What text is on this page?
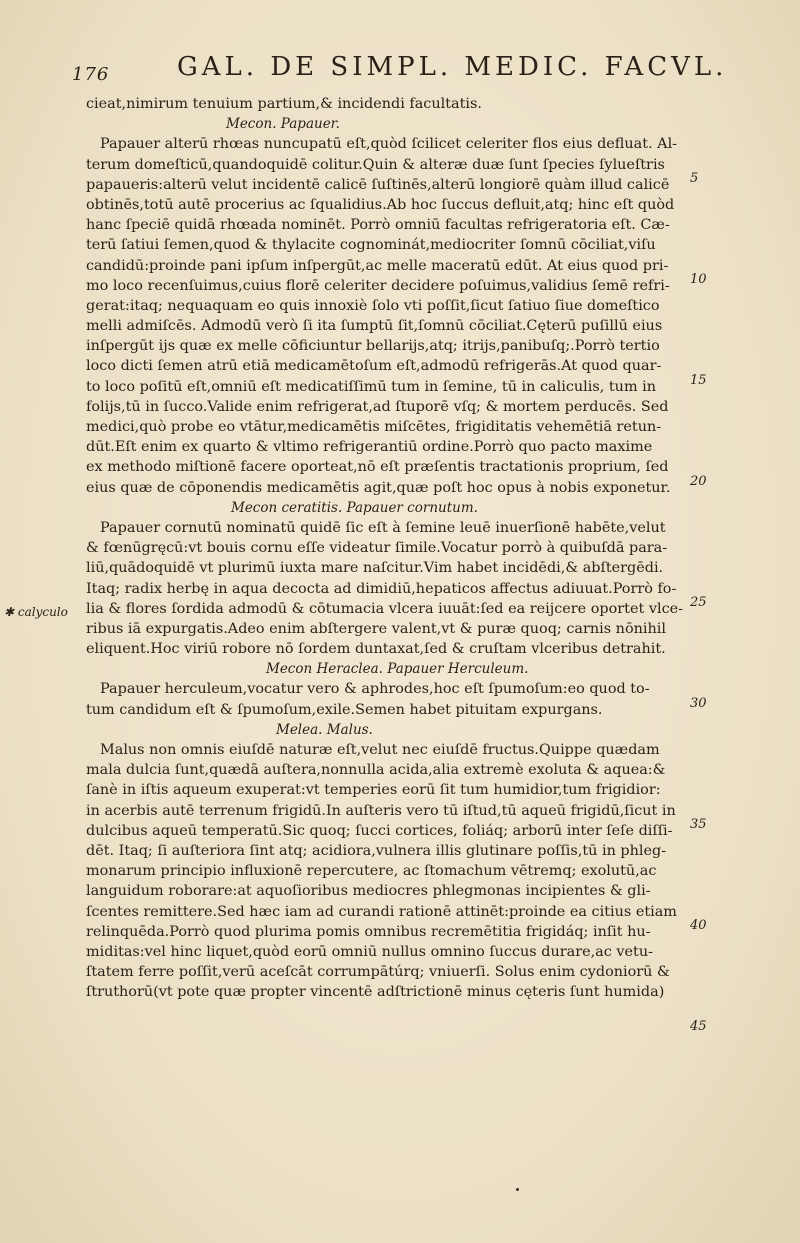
176	GAL. DE SIMPL. MEDIC. FACVL.
✱ calyculo
cieat,nimirum tenuium partium,& incidendi facultatis.
Mecon. Papauer.
Papauer alterū rhœas nuncupatū eſt,quòd ſcilicet celeriter flos eius defluat. Al-
terum domeſticū,quandoquidē colitur.Quin & alteræ duæ ſunt ſpecies ſylueſtris
papaueris:alterū velut incidentē calicē ſuſtinēs,alterū longiorē quàm illud calicē
obtinēs,totū autē procerius ac ſqualidius.Ab hoc ſuccus defluit,atq; hinc eſt quòd
hanc ſpeciē quidā rhœada nominēt. Porrò omniū facultas refrigeratoria eſt. Cæ-
terū ſatiui ſemen,quod & thylacite cognominát,mediocriter ſomnū cōciliat,viſu
candidū:proinde pani ipſum inſpergūt,ac melle maceratū edūt. At eius quod pri-
mo loco recenſuimus,cuius florē celeriter decidere poſuimus,validius ſemē refri-
gerat:itaq; nequaquam eo quis innoxiè ſolo vti poſſit,ſicut ſatiuo ſiue domeſtico
melli admiſcēs. Admodū verò ſi ita ſumptū ſit,ſomnū cōciliat.Cęterū puſillū eius
inſpergūt ijs quæ ex melle cōficiuntur bellarijs,atq; itrijs,panibuſq;.Porrò tertio
loco dicti ſemen atrū etiā medicamētoſum eſt,admodū refrigerās.At quod quar-
to loco poſitū eſt,omniū eſt medicatiſſimū tum in ſemine, tū in caliculis, tum in
folijs,tū in ſucco.Valide enim refrigerat,ad ſtuporē vſq; & mortem perducēs. Sed
medici,quò probe eo vtātur,medicamētis miſcētes, frigiditatis vehemētiā retun-
dūt.Eſt enim ex quarto & vltimo refrigerantiū ordine.Porrò quo pacto maxime
ex methodo miſtionē facere oporteat,nō eſt præſentis tractationis proprium, ſed
eius quæ de cōponendis medicamētis agit,quæ poſt hoc opus à nobis exponetur.
Mecon ceratitis. Papauer cornutum.
Papauer cornutū nominatū quidē ſic eſt à ſemine leuē inuerſionē habēte,velut
& fœnūgręcū:vt bouis cornu eſſe videatur ſimile.Vocatur porrò à quibuſdā para-
liū,quādoquidē vt plurimū iuxta mare naſcitur.Vim habet incidēdi,& abſtergēdi.
Itaq; radix herbę in aqua decocta ad dimidiū,hepaticos affectus adiuuat.Porrò fo-
lia & flores ſordida admodū & cōtumacia vlcera iuuāt:ſed ea reijcere oportet vlce-
ribus iā expurgatis.Adeo enim abſtergere valent,vt & puræ quoq; carnis nōnihil
eliquent.Hoc viriū robore nō ſordem duntaxat,ſed & cruſtam vlceribus detrahit.
Mecon Heraclea. Papauer Herculeum.
Papauer herculeum,vocatur vero & aphrodes,hoc eſt ſpumoſum:eo quod to-
tum candidum eſt & ſpumoſum,exile.Semen habet pituitam expurgans.
Melea. Malus.
Malus non omnis eiuſdē naturæ eſt,velut nec eiuſdē fructus.Quippe quædam
mala dulcia ſunt,quædā auſtera,nonnulla acida,alia extremè exoluta & aquea:&
ſanè in iſtis aqueum exuperat:vt temperies eorū ſit tum humidior,tum frigidior:
in acerbis autē terrenum frigidū.In auſteris vero tū iſtud,tū aqueū frigidū,ſicut in
dulcibus aqueū temperatū.Sic quoq; ſucci cortices, foliáq; arborū inter ſeſe diſſi-
dēt. Itaq; ſi auſteriora ſint atq; acidiora,vulnera illis glutinare poſſis,tū in phleg-
monarum principio influxionē repercutere, ac ſtomachum vētremq; exolutū,ac
languidum roborare:at aquoſioribus mediocres phlegmonas incipientes & gli-
ſcentes remittere.Sed hæc iam ad curandi rationē attinēt:proinde ea citius etiam
relinquēda.Porrò quod plurima pomis omnibus recremētitia frigidáq; inſit hu-
miditas:vel hinc liquet,quòd eorū omniū nullus omnino ſuccus durare,ac vetu-
ſtatem ferre poſſit,verū aceſcāt corrumpātúrq; vniuerſi. Solus enim cydoniorū &
ſtruthorū(vt pote quæ propter vincentē adſtrictionē minus cęteris ſunt humida)
5
10
15
20
25
30
35
40
45
